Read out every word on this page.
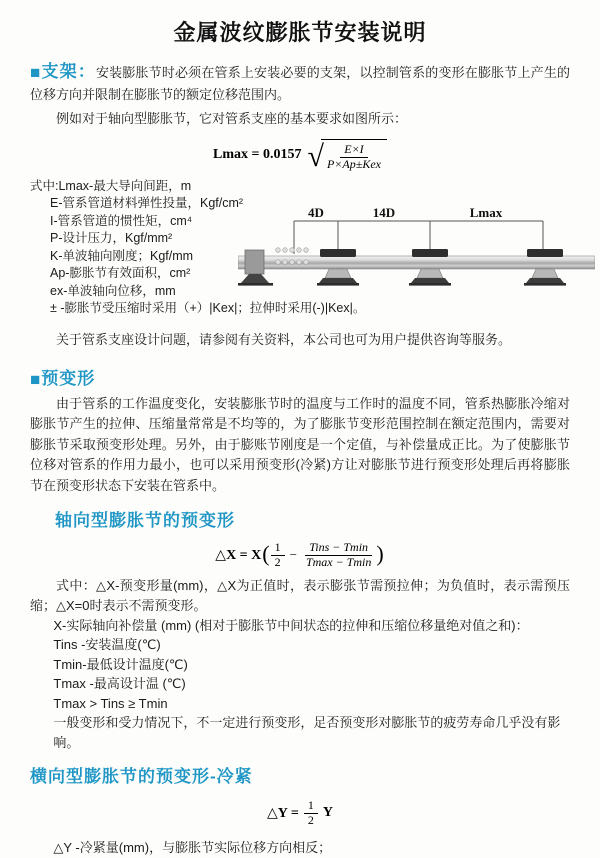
金属波纹膨胀节安装说明

■支架：安装膨胀节时必须在管系上安装必要的支架，以控制管系的变形在膨胀节上产生的位移方向并限制在膨胀节的额定位移范围内。

例如对于轴向型膨胀节，它对管系支座的基本要求如图所示：

Lmax = 0.0157 √ $\frac{E\times I}{\text{P×Ap±Kex}}$
式中:Lmax-最大导向间距，m
E-管系管道材料弹性投量，Kgf/cm²
I-管系管道的惯性矩，cm⁴
P-设计压力，Kgf/mm²
K-单波轴向刚度；Kgf/mm
Ap-膨胀节有效面积，cm²
ex-单波轴向位移，mm
± -膨胀节受压缩时采用（+）|Kex|；拉伸时采用(-)|Kex|。
4D	14D	Lmax

关于管系支座设计问题，请参阅有关资料，本公司也可为用户提供咨询等服务。

■预变形

由于管系的工作温度变化，安装膨胀节时的温度与工作时的温度不同，管系热膨胀冷缩对膨胀节产生的拉伸、压缩量常常是不均等的，为了膨胀节变形范围控制在额定范围内，需要对膨胀节采取预变形处理。另外，由于膨账节刚度是一个定值，与补偿量成正比。为了使膨胀节位移对管系的作用力最小，也可以采用预变形(冷紧)方让对膨胀节进行预变形处理后再将膨胀节在预变形状态下安装在管系中。

轴向型膨胀节的预变形
△X = X ( $\frac{1}{2} - \frac{\text{Tins − Tmin}}{Tmax - Tmin}$ )

式中：△X-预变形量(mm)，△X为正值时，表示膨张节需预拉伸；为负值时，表示需预压缩；△X=0时表示不需预变形。

X-实际轴向补偿量 (mm) (相对于膨胀节中间状态的拉伸和压缩位移量绝对值之和)：
Tins -安装温度(℃)
Tmin-最低设计温度(℃)
Tmax -最高设计温 (℃)
Tmax > Tins ≥ Tmin
一般变形和受力情况下，不一定进行预变形，足否预变形对膨胀节的疲劳寿命几乎没有影响。
横向型膨胀节的预变形-冷紧
△Y = $\frac{1}{2}$ Y
△Y -冷紧量(mm)，与膨胀节实际位移方向相反；
